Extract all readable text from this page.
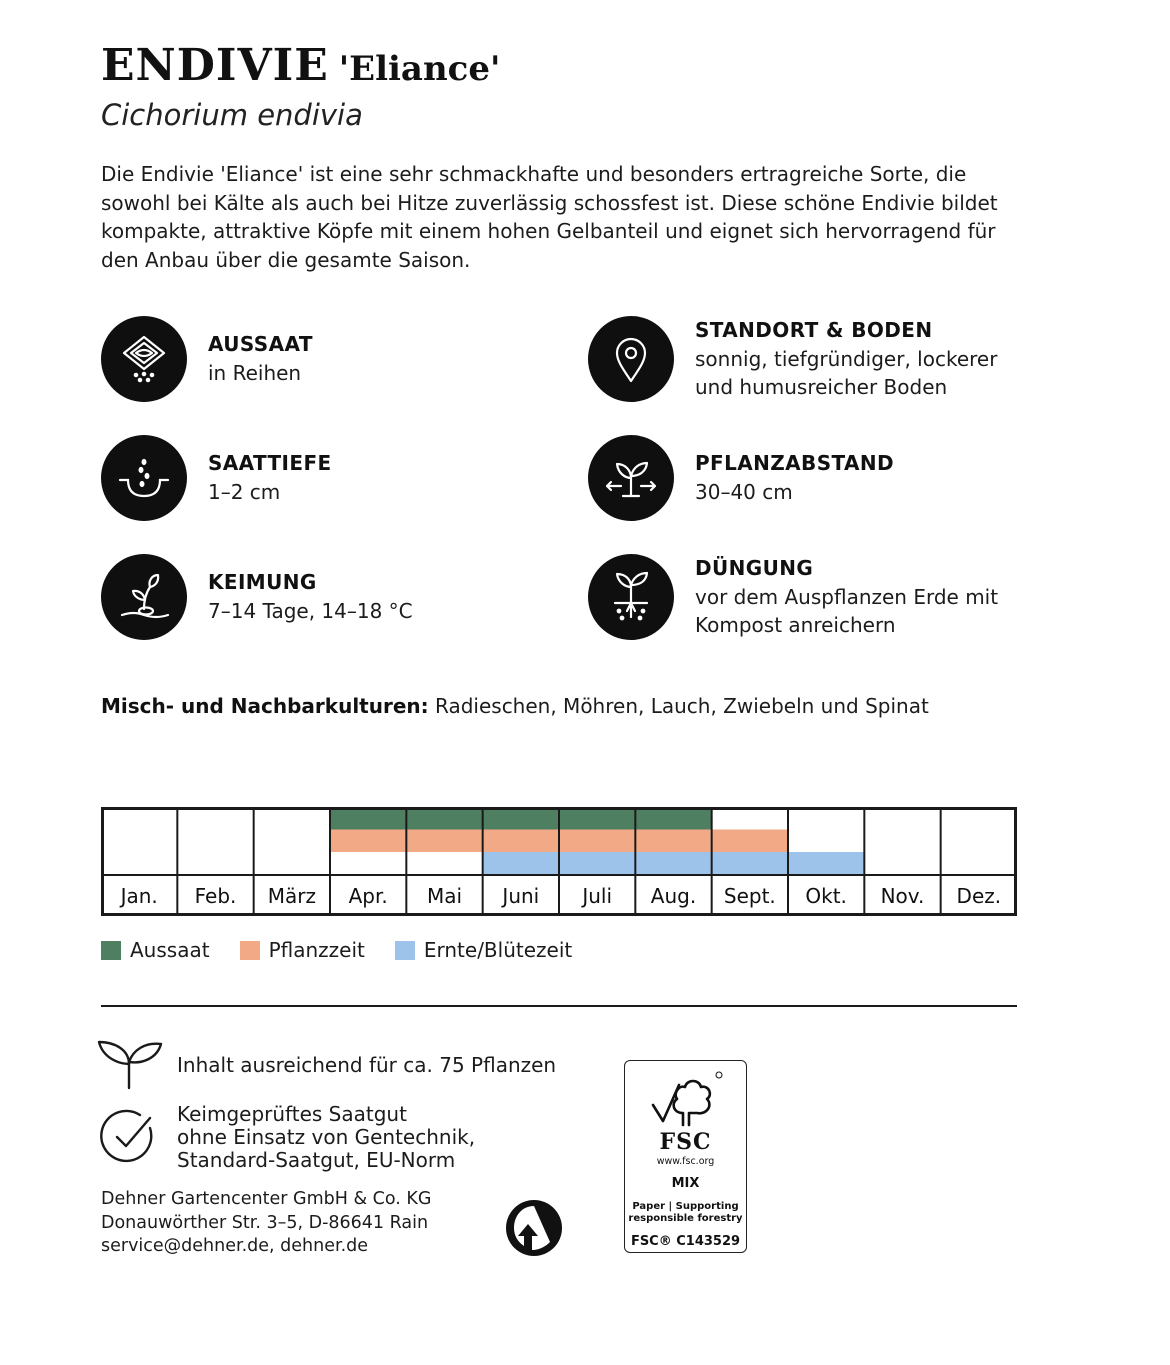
ENDIVIE 'Eliance'
Cichorium endivia
Die Endivie 'Eliance' ist eine sehr schmackhafte und besonders ertragreiche Sorte, die sowohl bei Kälte als auch bei Hitze zuverlässig schossfest ist. Diese schöne Endivie bildet kompakte, attraktive Köpfe mit einem hohen Gelbanteil und eignet sich hervorragend für den Anbau über die gesamte Saison.
AUSSAAT
in Reihen
STANDORT & BODEN
sonnig, tiefgründiger, lockerer
und humusreicher Boden
SAATTIEFE
1–2 cm
PFLANZABSTAND
30–40 cm
KEIMUNG
7–14 Tage, 14–18 °C
DÜNGUNG
vor dem Auspflanzen Erde mit
Kompost anreichern
Misch- und Nachbarkulturen: Radieschen, Möhren, Lauch, Zwiebeln und Spinat
Jan. Feb. März Apr. Mai Juni Juli Aug. Sept. Okt. Nov. Dez.
Aussaat	Pflanzzeit	Ernte/Blütezeit
Inhalt ausreichend für ca. 75 Pflanzen
Keimgeprüftes Saatgut
ohne Einsatz von Gentechnik,
Standard-Saatgut, EU-Norm
Dehner Gartencenter GmbH & Co. KG
Donauwörther Str. 3–5, D-86641 Rain
service@dehner.de, dehner.de
FSC
www.fsc.org
MIX
Paper | Supporting
responsible forestry
FSC® C143529
